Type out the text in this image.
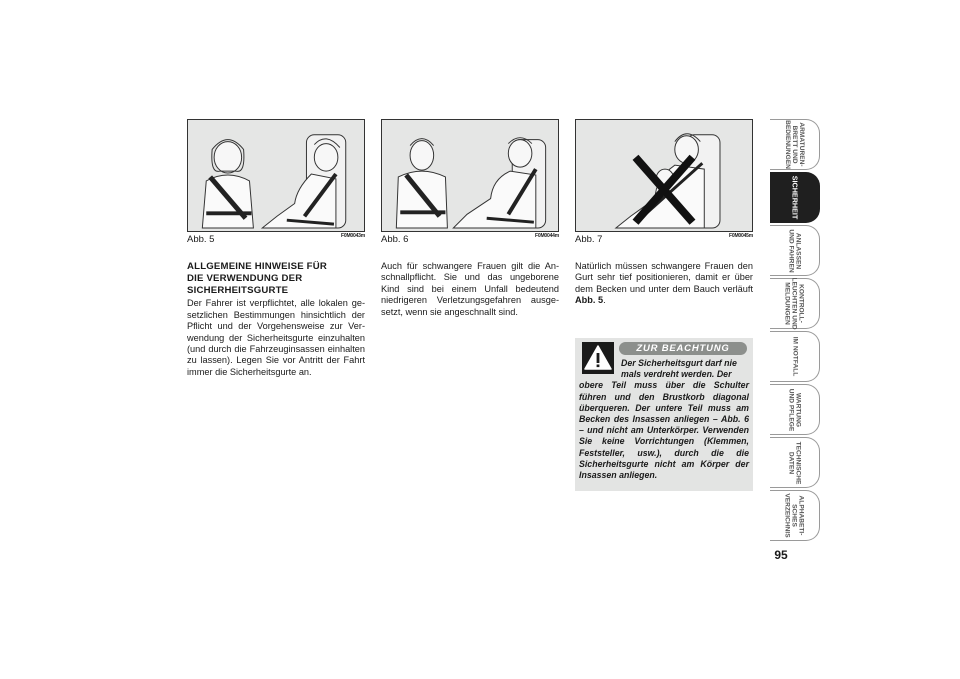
Abb. 5	F0M0043m Abb. 6	F0M0044m Abb. 7	F0M0045m
ALLGEMEINE HINWEISE FÜR
DIE VERWENDUNG DER
SICHERHEITSGURTE

Der Fahrer ist verpflichtet, alle lokalen gesetzlichen Bestimmungen hinsichtlich der Pflicht und der Vorgehensweise zur Verwendung der Sicherheitsgurte einzuhalten (und durch die Fahrzeuginsassen einhalten zu lassen). Legen Sie vor Antritt der Fahrt immer die Sicherheitsgurte an.

Auch für schwangere Frauen gilt die Anschnallpflicht. Sie und das ungeborene Kind sind bei einem Unfall bedeutend niedrigeren Verletzungsgefahren ausgesetzt, wenn sie angeschnallt sind.

Natürlich müssen schwangere Frauen den Gurt sehr tief positionieren, damit er über dem Becken und unter dem Bauch verläuft Abb. 5.

ZUR BEACHTUNG
Der Sicherheitsgurt darf nie
mals verdreht werden. Der
obere Teil muss über die Schulter führen und den Brustkorb diagonal überqueren. Der untere Teil muss am Becken des Insassen anliegen – Abb. 6 – und nicht am Unterkörper. Verwenden Sie keine Vorrichtungen (Klemmen, Feststeller, usw.), durch die die Sicherheitsgurte nicht am Körper der Insassen anliegen.
ARMATUREN-
BRETT UND
BEDIENUNGEN
SICHERHEIT
ANLASSEN
UND FAHREN
KONTROLL-
LEUCHTEN UND
MELDUNGEN
IM NOTFALL
WARTUNG
UND PFLEGE
TECHNISCHE
DATEN
ALPHABETI-
SCHES
VERZEICHNIS
95
